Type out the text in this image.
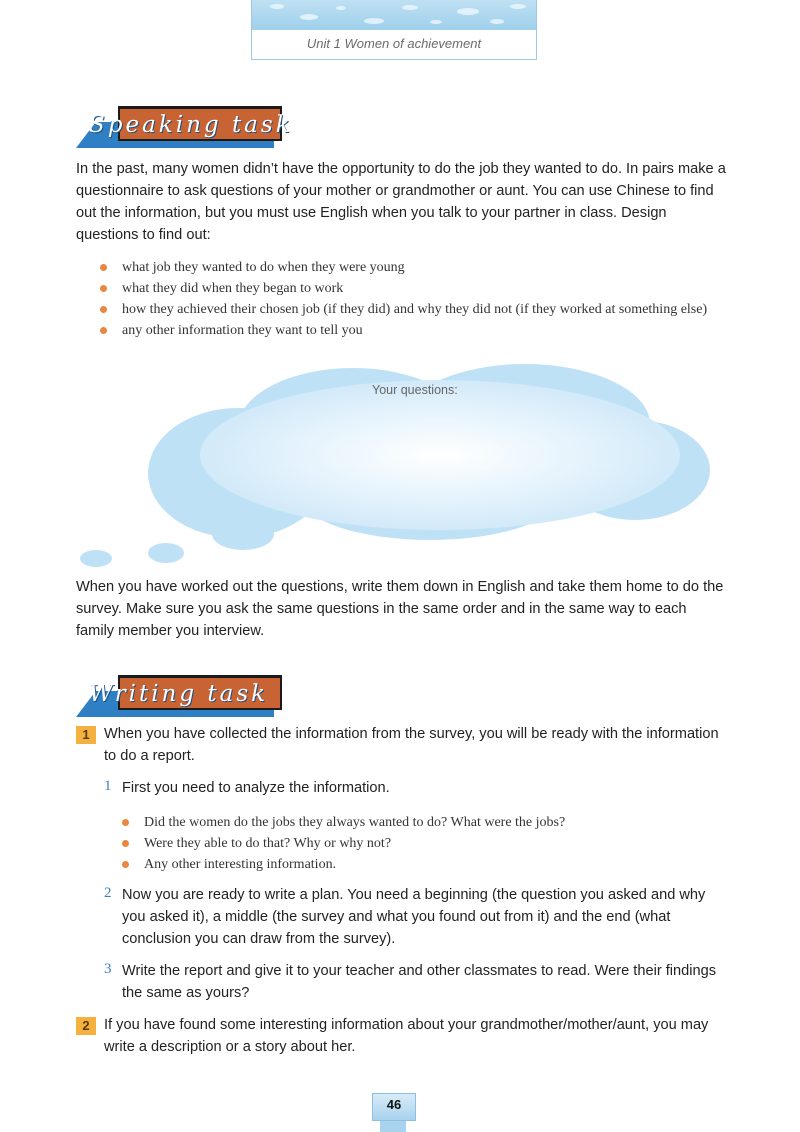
Unit 1 Women of achievement
Speaking task
In the past, many women didn’t have the opportunity to do the job they wanted to do. In pairs make a questionnaire to ask questions of your mother or grandmother or aunt. You can use Chinese to find out the information, but you must use English when you talk to your partner in class. Design questions to find out:
what job they wanted to do when they were young
what they did when they began to work
how they achieved their chosen job (if they did) and why they did not (if they worked at something else)
any other information they want to tell you
Your questions:
When you have worked out the questions, write them down in English and take them home to do the survey. Make sure you ask the same questions in the same order and in the same way to each family member you interview.
Writing task
1 When you have collected the information from the survey, you will be ready with the information to do a report.
1 First you need to analyze the information.
Did the women do the jobs they always wanted to do? What were the jobs?
Were they able to do that? Why or why not?
Any other interesting information.
2 Now you are ready to write a plan. You need a beginning (the question you asked and why you asked it), a middle (the survey and what you found out from it) and the end (what conclusion you can draw from the survey).
3 Write the report and give it to your teacher and other classmates to read. Were their findings the same as yours?
2 If you have found some interesting information about your grandmother/mother/aunt, you may write a description or a story about her.
46
